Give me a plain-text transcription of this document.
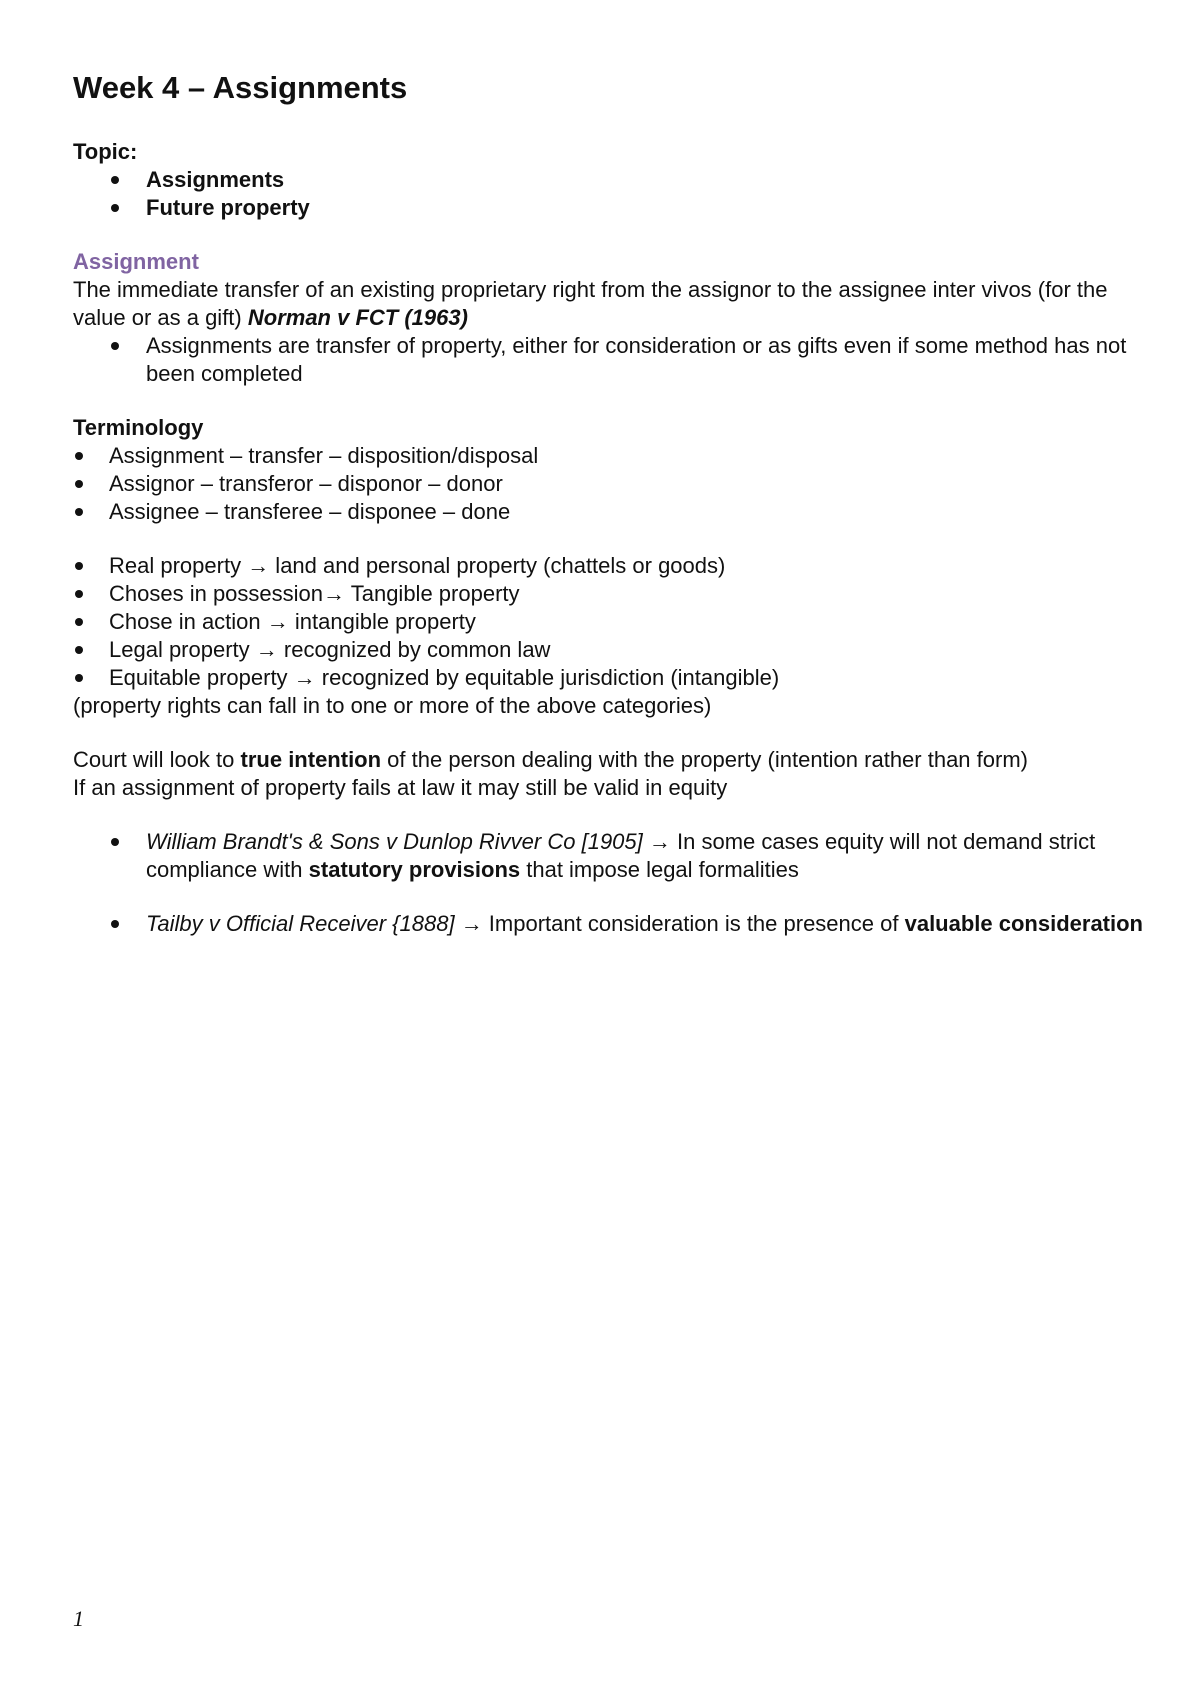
Week 4 – Assignments

Topic:

Assignments
Future property

Assignment

The immediate transfer of an existing proprietary right from the assignor to the assignee inter vivos (for the value or as a gift) Norman v FCT (1963)

Assignments are transfer of property, either for consideration or as gifts even if some method has not been completed

Terminology

Assignment – transfer – disposition/disposal
Assignor – transferor – disponor – donor
Assignee – transferee – disponee – done
Real property → land and personal property (chattels or goods)
Choses in possession→ Tangible property
Chose in action → intangible property
Legal property → recognized by common law
Equitable property → recognized by equitable jurisdiction (intangible)

(property rights can fall in to one or more of the above categories)

Court will look to true intention of the person dealing with the property (intention rather than form)

If an assignment of property fails at law it may still be valid in equity

William Brandt's & Sons v Dunlop Rivver Co [1905] → In some cases equity will not demand strict compliance with statutory provisions that impose legal formalities
Tailby v Official Receiver {1888] → Important consideration is the presence of valuable consideration
1
